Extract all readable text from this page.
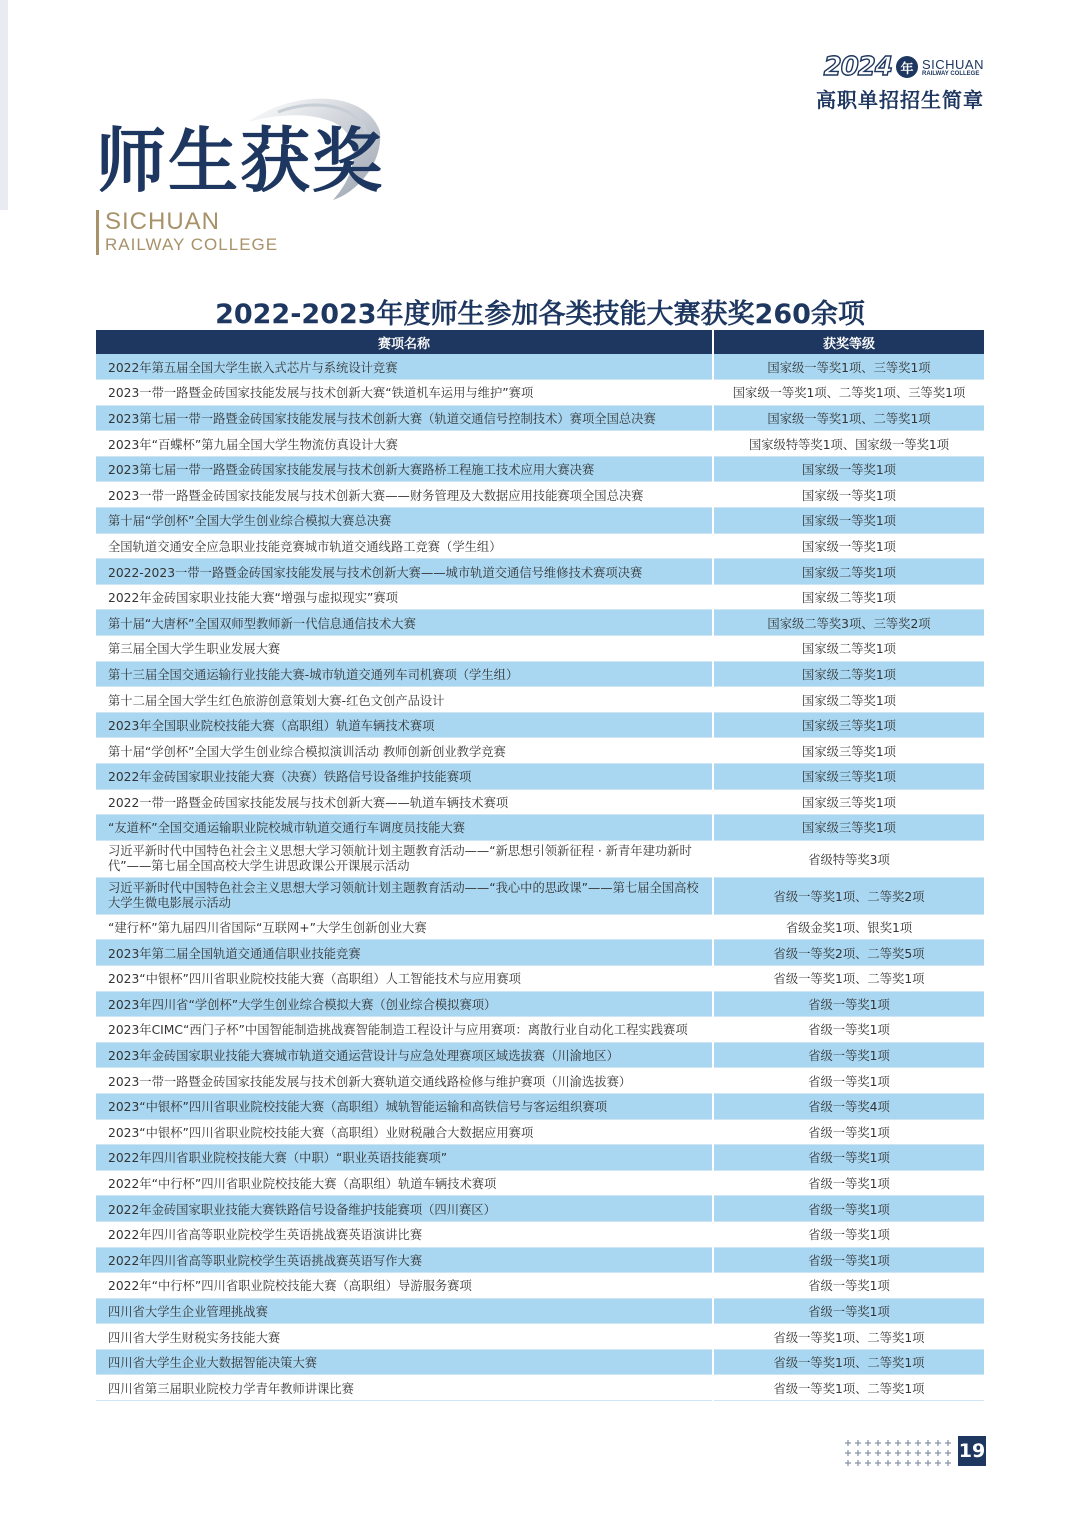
2024 年 SICHUAN
RAILWAY COLLEGE
高职单招招生简章
师生获奖
SICHUAN
RAILWAY COLLEGE
2022-2023年度师生参加各类技能大赛获奖260余项
赛项名称	获奖等级
2022年第五届全国大学生嵌入式芯片与系统设计竞赛	国家级一等奖1项、三等奖1项
2023一带一路暨金砖国家技能发展与技术创新大赛“铁道机车运用与维护”赛项	国家级一等奖1项、二等奖1项、三等奖1项
2023第七届一带一路暨金砖国家技能发展与技术创新大赛（轨道交通信号控制技术）赛项全国总决赛	国家级一等奖1项、二等奖1项
2023年“百蝶杯”第九届全国大学生物流仿真设计大赛	国家级特等奖1项、国家级一等奖1项
2023第七届一带一路暨金砖国家技能发展与技术创新大赛路桥工程施工技术应用大赛决赛	国家级一等奖1项
2023一带一路暨金砖国家技能发展与技术创新大赛——财务管理及大数据应用技能赛项全国总决赛	国家级一等奖1项
第十届“学创杯”全国大学生创业综合模拟大赛总决赛	国家级一等奖1项
全国轨道交通安全应急职业技能竞赛城市轨道交通线路工竞赛（学生组）	国家级一等奖1项
2022-2023一带一路暨金砖国家技能发展与技术创新大赛——城市轨道交通信号维修技术赛项决赛	国家级二等奖1项
2022年金砖国家职业技能大赛“增强与虚拟现实”赛项	国家级二等奖1项
第十届“大唐杯”全国双师型教师新一代信息通信技术大赛	国家级二等奖3项、三等奖2项
第三届全国大学生职业发展大赛	国家级二等奖1项
第十三届全国交通运输行业技能大赛-城市轨道交通列车司机赛项（学生组）	国家级二等奖1项
第十二届全国大学生红色旅游创意策划大赛-红色文创产品设计	国家级二等奖1项
2023年全国职业院校技能大赛（高职组）轨道车辆技术赛项	国家级三等奖1项
第十届“学创杯”全国大学生创业综合模拟演训活动 教师创新创业教学竞赛	国家级三等奖1项
2022年金砖国家职业技能大赛（决赛）铁路信号设备维护技能赛项	国家级三等奖1项
2022一带一路暨金砖国家技能发展与技术创新大赛——轨道车辆技术赛项	国家级三等奖1项
“友道杯”全国交通运输职业院校城市轨道交通行车调度员技能大赛	国家级三等奖1项
习近平新时代中国特色社会主义思想大学习领航计划主题教育活动——“新思想引领新征程 · 新青年建功新时代”——第七届全国高校大学生讲思政课公开课展示活动	省级特等奖3项
习近平新时代中国特色社会主义思想大学习领航计划主题教育活动——“我心中的思政课”——第七届全国高校大学生微电影展示活动	省级一等奖1项、二等奖2项
“建行杯”第九届四川省国际“互联网+”大学生创新创业大赛	省级金奖1项、银奖1项
2023年第二届全国轨道交通通信职业技能竞赛	省级一等奖2项、二等奖5项
2023“中银杯”四川省职业院校技能大赛（高职组）人工智能技术与应用赛项	省级一等奖1项、二等奖1项
2023年四川省“学创杯”大学生创业综合模拟大赛（创业综合模拟赛项）	省级一等奖1项
2023年CIMC“西门子杯”中国智能制造挑战赛智能制造工程设计与应用赛项：离散行业自动化工程实践赛项	省级一等奖1项
2023年金砖国家职业技能大赛城市轨道交通运营设计与应急处理赛项区域选拔赛（川渝地区）	省级一等奖1项
2023一带一路暨金砖国家技能发展与技术创新大赛轨道交通线路检修与维护赛项（川渝选拔赛）	省级一等奖1项
2023“中银杯”四川省职业院校技能大赛（高职组）城轨智能运输和高铁信号与客运组织赛项	省级一等奖4项
2023“中银杯”四川省职业院校技能大赛（高职组）业财税融合大数据应用赛项	省级一等奖1项
2022年四川省职业院校技能大赛（中职）“职业英语技能赛项”	省级一等奖1项
2022年“中行杯”四川省职业院校技能大赛（高职组）轨道车辆技术赛项	省级一等奖1项
2022年金砖国家职业技能大赛铁路信号设备维护技能赛项（四川赛区）	省级一等奖1项
2022年四川省高等职业院校学生英语挑战赛英语演讲比赛	省级一等奖1项
2022年四川省高等职业院校学生英语挑战赛英语写作大赛	省级一等奖1项
2022年“中行杯”四川省职业院校技能大赛（高职组）导游服务赛项	省级一等奖1项
四川省大学生企业管理挑战赛	省级一等奖1项
四川省大学生财税实务技能大赛	省级一等奖1项、二等奖1项
四川省大学生企业大数据智能决策大赛	省级一等奖1项、二等奖1项
四川省第三届职业院校力学青年教师讲课比赛	省级一等奖1项、二等奖1项
19
